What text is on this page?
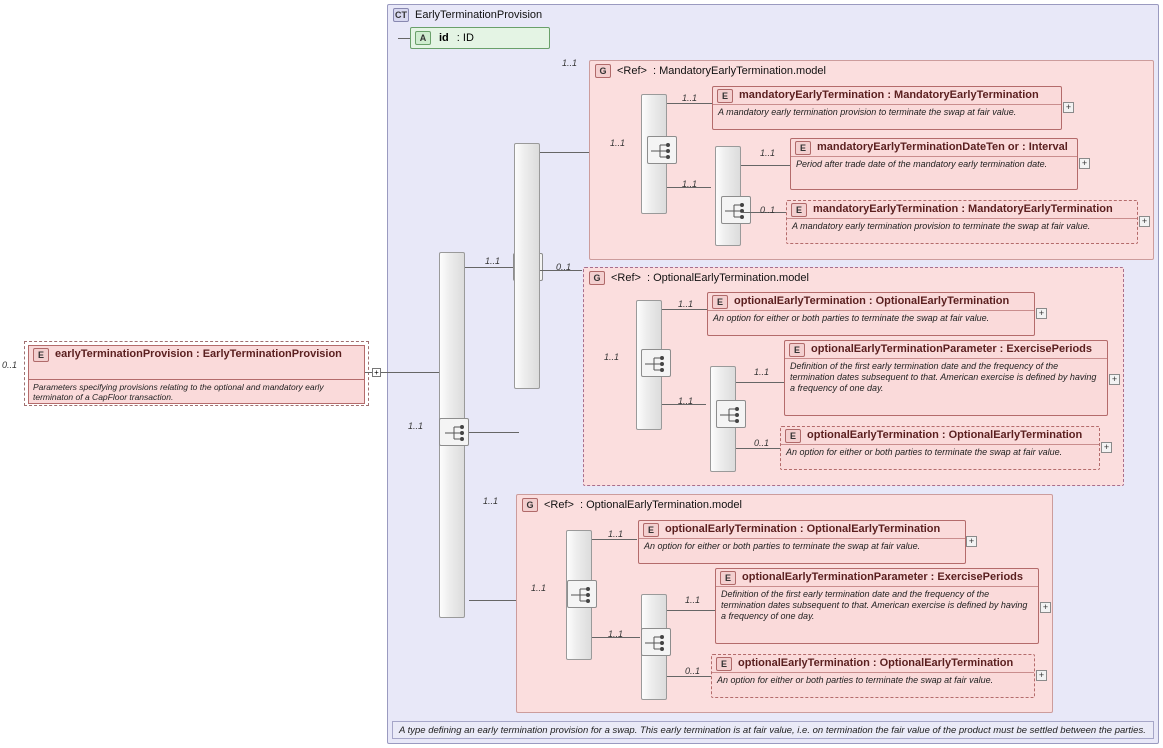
CT EarlyTerminationProvision
A type defining an early termination provision for a swap. This early termination is at fair value, i.e. on termination the fair value of the product must be settled between the parties.
E	earlyTerminationProvision : EarlyTerminationProvision
Parameters specifying provisions relating to the optional and mandatory early terminaton of a CapFloor transaction.
0..1
+
A	id : ID
1..1
1..1
1..1
0..1
G <Ref> : MandatoryEarlyTermination.model
1..1
1..1
1..1
E	mandatoryEarlyTermination : MandatoryEarlyTermination
A mandatory early termination provision to terminate the swap at fair value.	+
1..1
0..1
E	mandatoryEarlyTerminationDateTen or : Interval
Period after trade date of the mandatory early termination date.	+
E	mandatoryEarlyTermination : MandatoryEarlyTermination
A mandatory early termination provision to terminate the swap at fair value.	+
G <Ref> : OptionalEarlyTermination.model
1..1
1..1
1..1
E	optionalEarlyTermination : OptionalEarlyTermination
An option for either or both parties to terminate the swap at fair value.	+
1..1
0..1
E	optionalEarlyTerminationParameter : ExercisePeriods
Definition of the first early termination date and the frequency of the termination dates subsequent to that. American exercise is defined by having a frequency of one day.
+
E	optionalEarlyTermination : OptionalEarlyTermination
An option for either or both parties to terminate the swap at fair value.	+
G <Ref> : OptionalEarlyTermination.model
1..1
1..1
1..1
1..1
E	optionalEarlyTermination : OptionalEarlyTermination
An option for either or both parties to terminate the swap at fair value.	+
1..1
0..1
E	optionalEarlyTerminationParameter : ExercisePeriods
Definition of the first early termination date and the frequency of the termination dates subsequent to that. American exercise is defined by having a frequency of one day.
+
E	optionalEarlyTermination : OptionalEarlyTermination
An option for either or both parties to terminate the swap at fair value.	+
